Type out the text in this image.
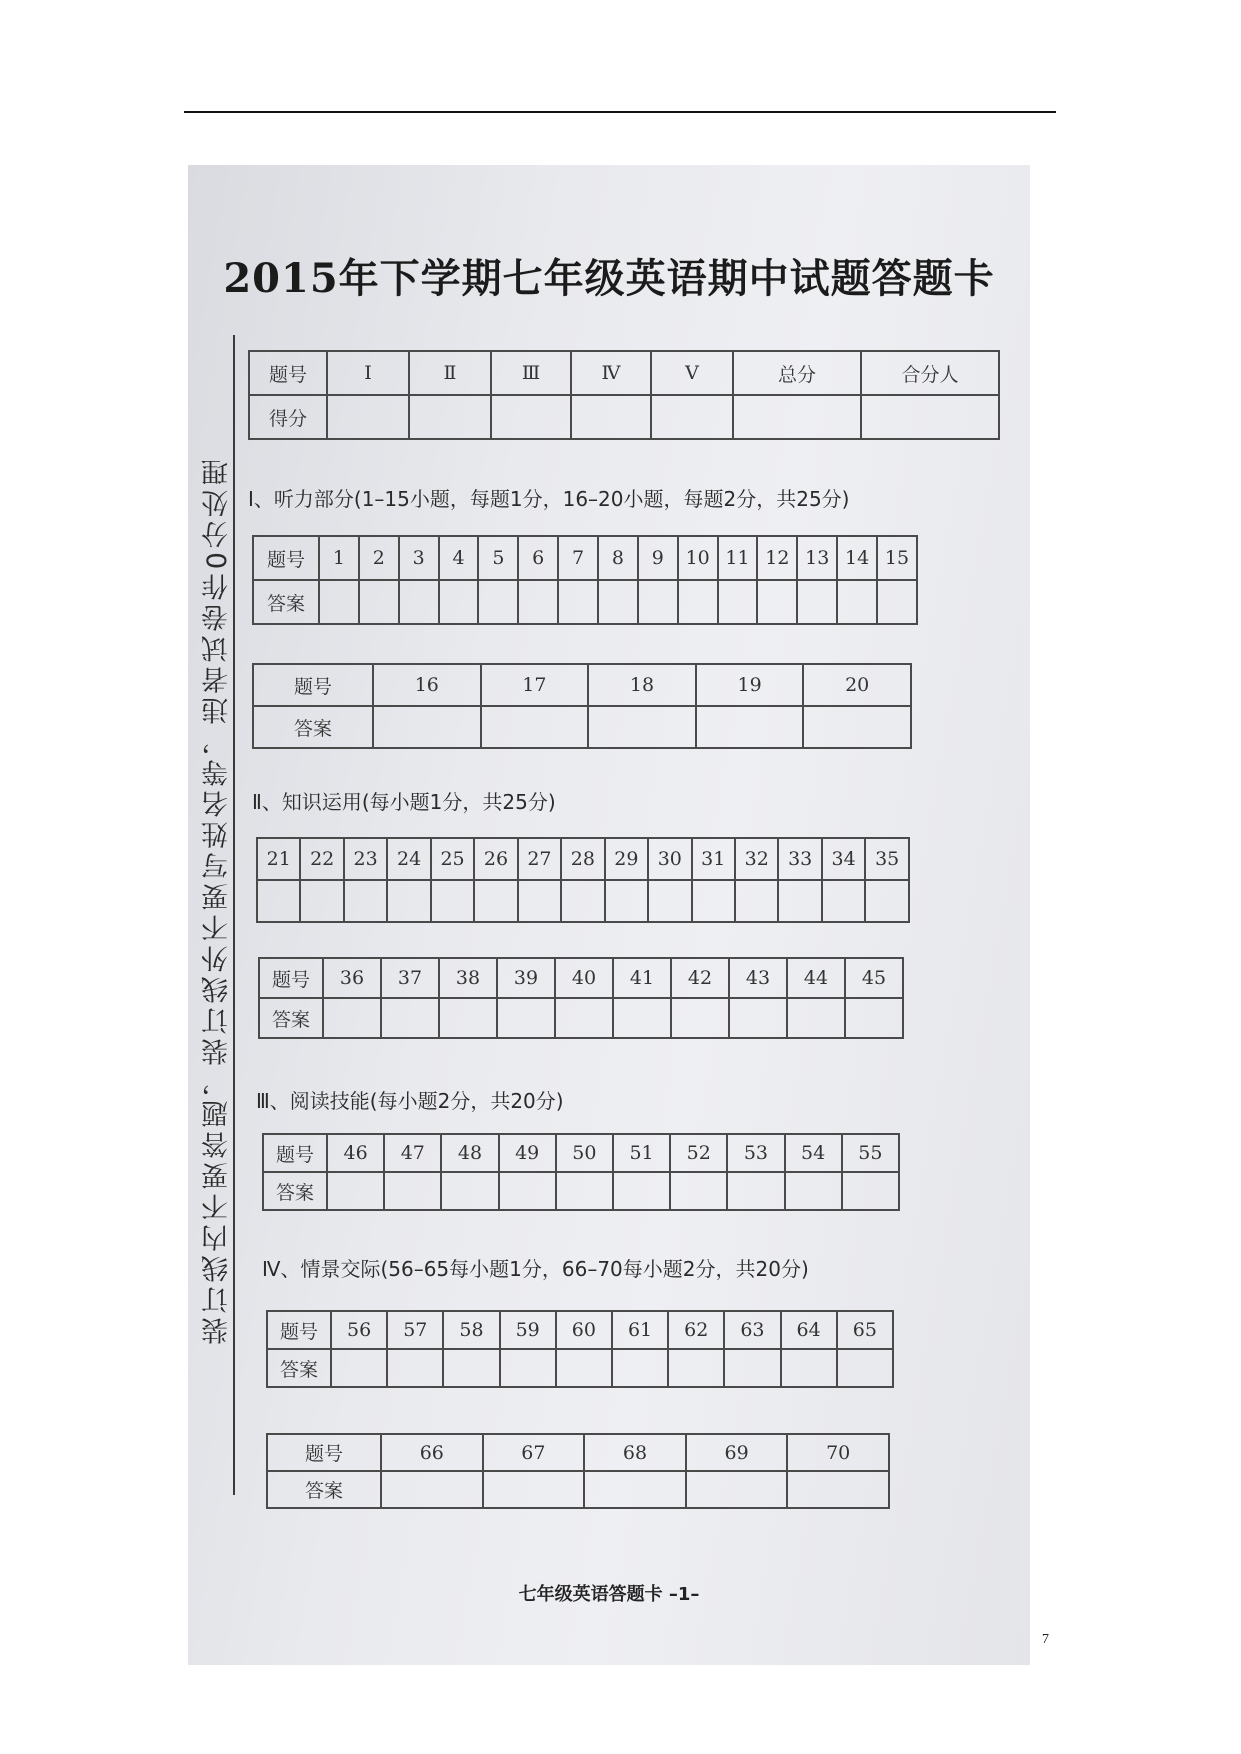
2015年下学期七年级英语期中试题答题卡
装订线内不要答题，装订线外不要写姓名等，违者试卷作0分处理
题号	Ⅰ	Ⅱ	Ⅲ	Ⅳ	Ⅴ	总分	合分人
得分							
Ⅰ、听力部分(1–15小题，每题1分，16–20小题，每题2分，共25分)
题号	1	2	3	4	5	6	7	8	9	10	11	12	13	14	15
答案															
题号	16	17	18	19	20
答案					
Ⅱ、知识运用(每小题1分，共25分)
21	22	23	24	25	26	27	28	29	30	31	32	33	34	35

题号	36	37	38	39	40	41	42	43	44	45
答案										
Ⅲ、阅读技能(每小题2分，共20分)
题号	46	47	48	49	50	51	52	53	54	55
答案										
Ⅳ、情景交际(56–65每小题1分，66–70每小题2分，共20分)
题号	56	57	58	59	60	61	62	63	64	65
答案										
题号	66	67	68	69	70
答案					
七年级英语答题卡 –1–
7
